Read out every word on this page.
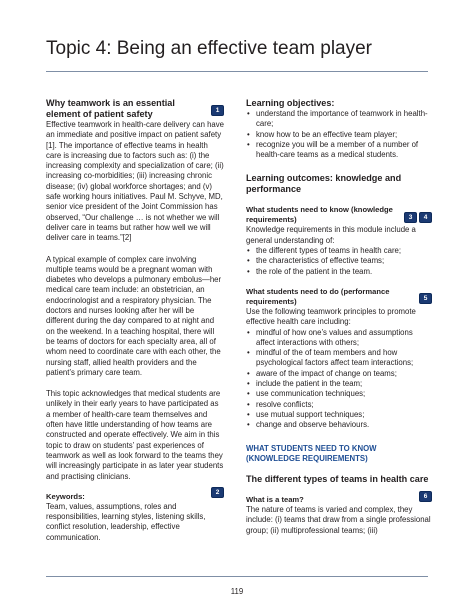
Topic 4: Being an effective team player
Why teamwork is an essential element of patient safety	1

Effective teamwork in health-care delivery can have an immediate and positive impact on patient safety [1]. The importance of effective teams in health care is increasing due to factors such as: (i) the increasing complexity and specialization of care; (ii) increasing co-morbidities; (iii) increasing chronic disease; (iv) global workforce shortages; and (v) safe working hours initiatives. Paul M. Schyve, MD, senior vice president of the Joint Commission has observed, “Our challenge … is not whether we will deliver care in teams but rather how well we will deliver care in teams.”[2]

A typical example of complex care involving multiple teams would be a pregnant woman with diabetes who develops a pulmonary embolus—her medical care team include: an obstetrician, an endocrinologist and a respiratory physician. The doctors and nurses looking after her will be different during the day compared to at night and on the weekend. In a teaching hospital, there will be teams of doctors for each specialty area, all of whom need to coordinate care with each other, the nursing staff, allied health providers and the patient’s primary care team.

This topic acknowledges that medical students are unlikely in their early years to have participated as a member of health-care team themselves and often have little understanding of how teams are constructed and operate effectively. We aim in this topic to draw on students’ past experiences of teamwork as well as look forward to the teams they will increasingly participate in as later year students and practising clinicians.

Keywords:	2

Team, values, assumptions, roles and responsibilities, learning styles, listening skills, conflict resolution, leadership, effective communication.

Learning objectives:
• understand the importance of teamwork in health-care;
• know how to be an effective team player;
• recognize you will be a member of a number of health-care teams as a medical students.
Learning outcomes: knowledge and performance
What students need to know (knowledge requirements)	3 4

Knowledge requirements in this module include a general understanding of:

• the different types of teams in health care;
• the characteristics of effective teams;
• the role of the patient in the team.
What students need to do (performance requirements)	5

Use the following teamwork principles to promote effective health care including:

• mindful of how one’s values and assumptions affect interactions with others;
• mindful of the of team members and how psychological factors affect team interactions;
• aware of the impact of change on teams;
• include the patient in the team;
• use communication techniques;
• resolve conflicts;
• use mutual support techniques;
• change and observe behaviours.

WHAT STUDENTS NEED TO KNOW (KNOWLEDGE REQUIREMENTS)

The different types of teams in health care
What is a team?	6

The nature of teams is varied and complex, they include: (i) teams that draw from a single professional group; (ii) multiprofessional teams; (iii)

119
